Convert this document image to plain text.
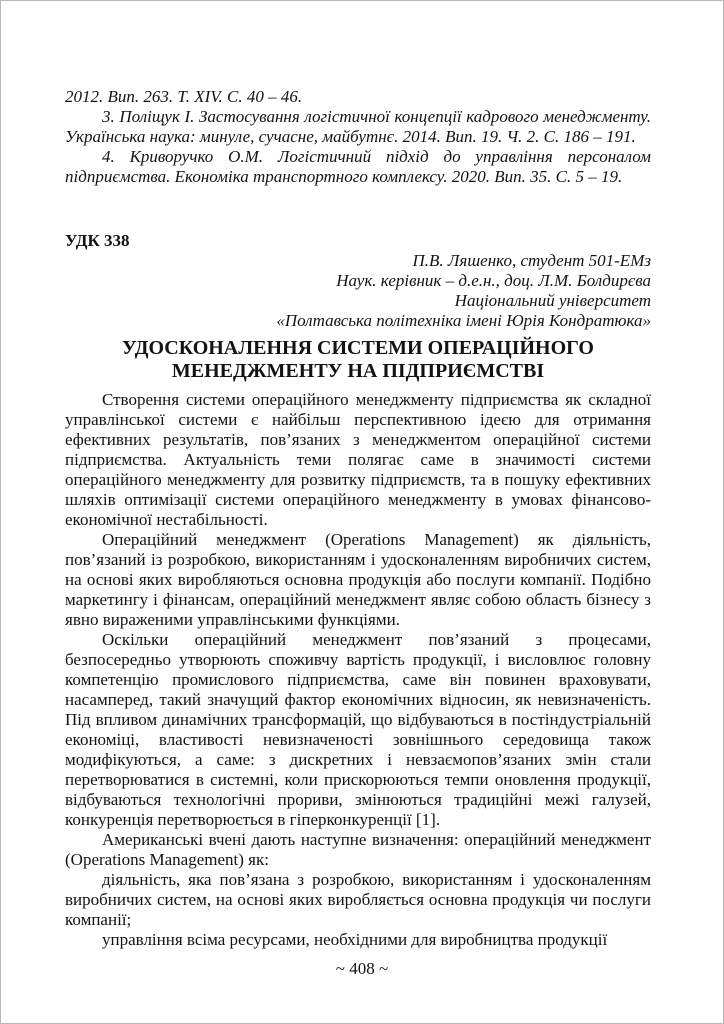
2012. Вип. 263. Т. XIV. С. 40 – 46.

3. Поліщук І. Застосування логістичної концепції кадрового менеджменту. Українська наука: минуле, сучасне, майбутнє. 2014. Вип. 19. Ч. 2. С. 186 – 191.

4. Криворучко О.М. Логістичний підхід до управління персоналом підприємства. Економіка транспортного комплексу. 2020. Вип. 35. С. 5 – 19.

УДК 338

П.В. Ляшенко, студент 501-ЕМз

Наук. керівник – д.е.н., доц. Л.М. Болдирєва

Національний університет

«Полтавська політехніка імені Юрія Кондратюка»

УДОСКОНАЛЕННЯ СИСТЕМИ ОПЕРАЦІЙНОГО МЕНЕДЖМЕНТУ НА ПІДПРИЄМСТВІ

Створення системи операційного менеджменту підприємства як складної управлінської системи є найбільш перспективною ідеєю для отримання ефективних результатів, пов’язаних з менеджментом операційної системи підприємства. Актуальність теми полягає саме в значимості системи операційного менеджменту для розвитку підприємств, та в пошуку ефективних шляхів оптимізації системи операційного менеджменту в умовах фінансово-економічної нестабільності.

Операційний менеджмент (Operations Management) як діяльність, пов’язаний із розробкою, використанням і удосконаленням виробничих систем, на основі яких виробляються основна продукція або послуги компанії. Подібно маркетингу і фінансам, операційний менеджмент являє собою область бізнесу з явно вираженими управлінськими функціями.

Оскільки операційний менеджмент пов’язаний з процесами, безпосередньо утворюють споживчу вартість продукції, і висловлює головну компетенцію промислового підприємства, саме він повинен враховувати, насамперед, такий значущий фактор економічних відносин, як невизначеність. Під впливом динамічних трансформацій, що відбуваються в постіндустріальній економіці, властивості невизначеності зовнішнього середовища також модифікуються, а саме: з дискретних і невзаємопов’язаних змін стали перетворюватися в системні, коли прискорюються темпи оновлення продукції, відбуваються технологічні прориви, змінюються традиційні межі галузей, конкуренція перетворюється в гіперконкуренції [1].

Американські вчені дають наступне визначення: операційний менеджмент (Operations Management) як:

діяльність, яка пов’язана з розробкою, використанням і удосконаленням виробничих систем, на основі яких виробляється основна продукція чи послуги компанії;

управління всіма ресурсами, необхідними для виробництва продукції

~ 408 ~
